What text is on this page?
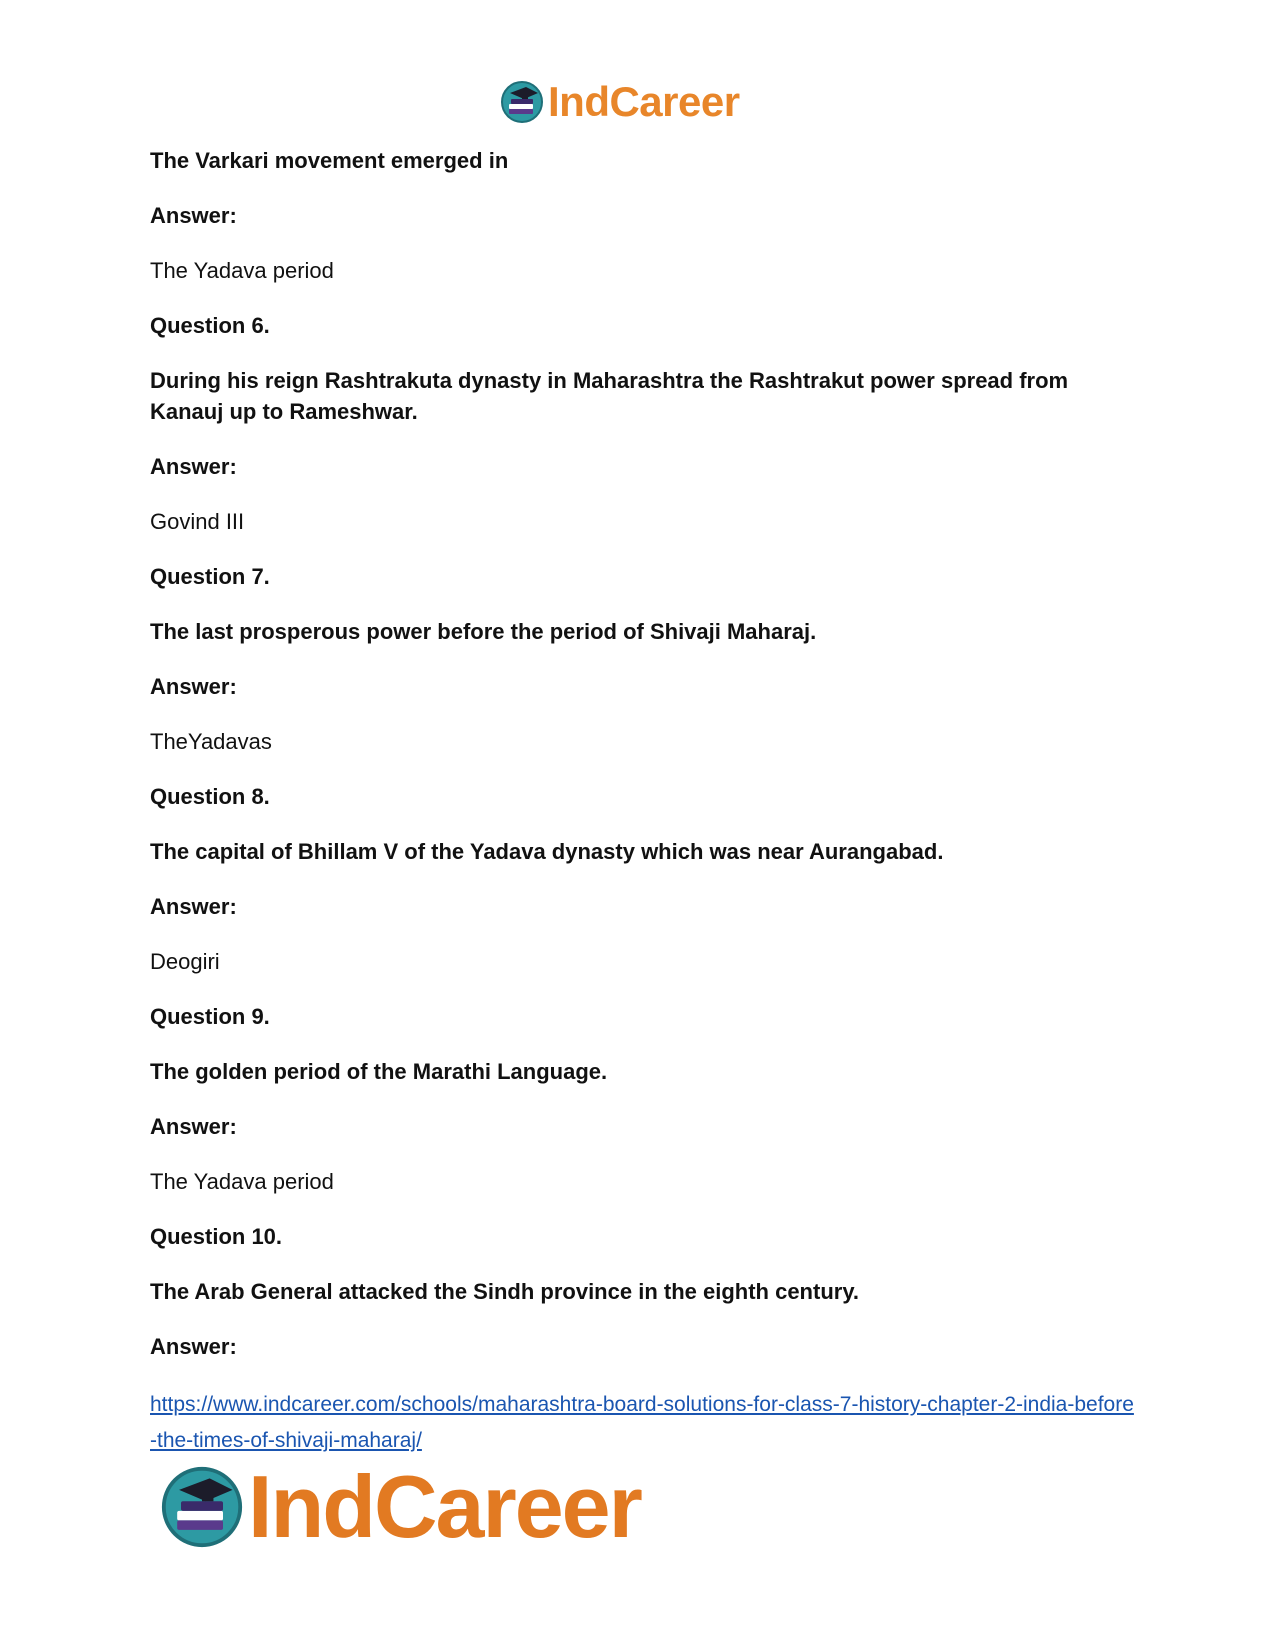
IndCareer

The Varkari movement emerged in

Answer:

The Yadava period

Question 6.

During his reign Rashtrakuta dynasty in Maharashtra the Rashtrakut power spread from Kanauj up to Rameshwar.

Answer:

Govind III

Question 7.

The last prosperous power before the period of Shivaji Maharaj.

Answer:

TheYadavas

Question 8.

The capital of Bhillam V of the Yadava dynasty which was near Aurangabad.

Answer:

Deogiri

Question 9.

The golden period of the Marathi Language.

Answer:

The Yadava period

Question 10.

The Arab General attacked the Sindh province in the eighth century.

Answer:

https://www.indcareer.com/schools/maharashtra-board-solutions-for-class-7-history-chapter-2-india-before-the-times-of-shivaji-maharaj/
IndCareer
